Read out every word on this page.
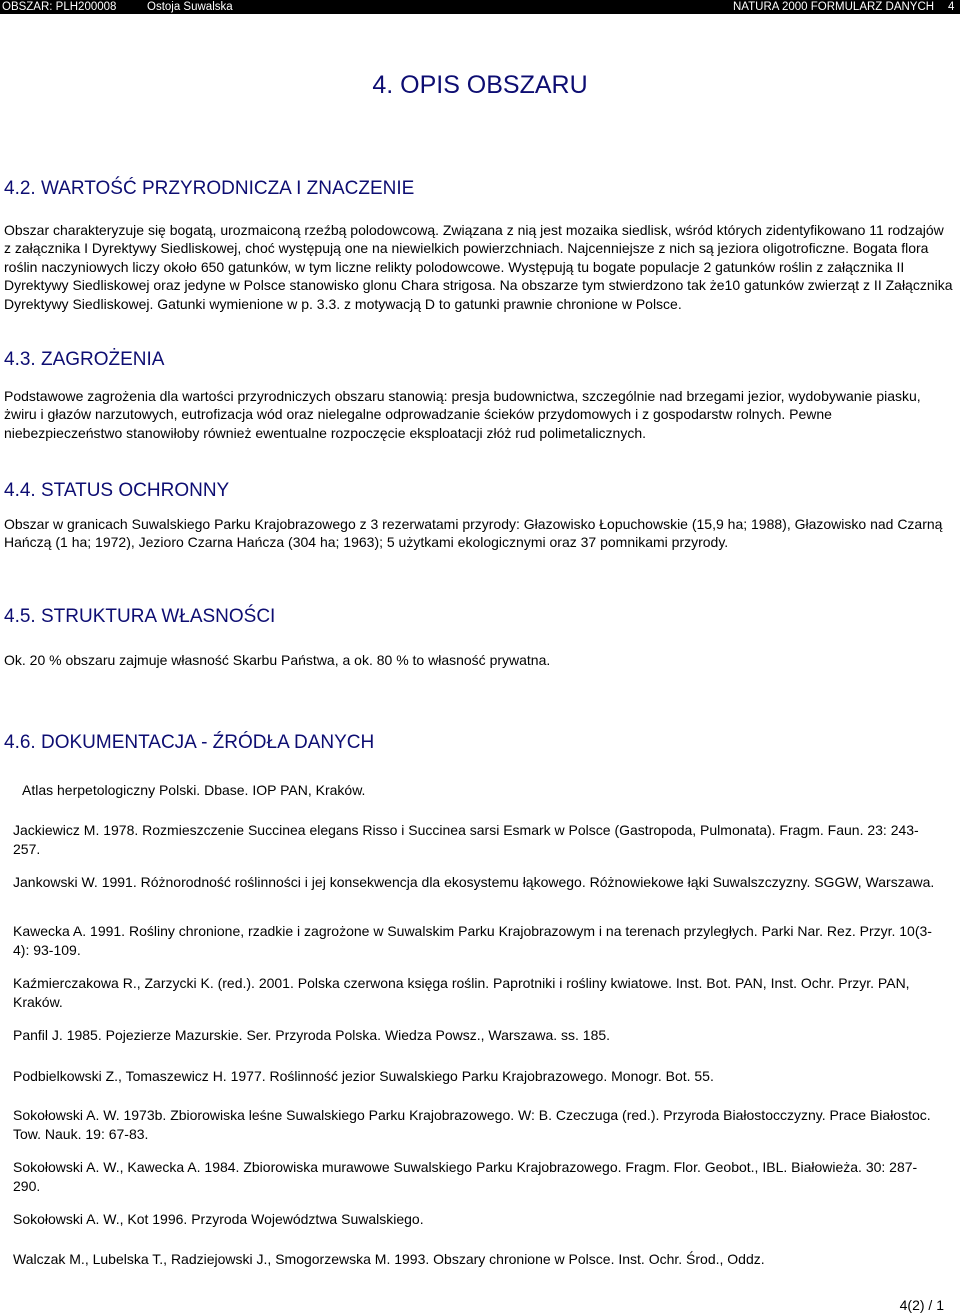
OBSZAR: PLH200008	Ostoja Suwalska	NATURA 2000 FORMULARZ DANYCH 4
4. OPIS OBSZARU
4.2. WARTOŚĆ PRZYRODNICZA I ZNACZENIE

Obszar charakteryzuje się bogatą, urozmaiconą rzeźbą polodowcową. Związana z nią jest mozaika siedlisk, wśród których zidentyfikowano 11 rodzajów z załącznika I Dyrektywy Siedliskowej, choć występują one na niewielkich powierzchniach. Najcenniejsze z nich są jeziora oligotroficzne. Bogata flora roślin naczyniowych liczy około 650 gatunków, w tym liczne relikty polodowcowe. Występują tu bogate populacje 2 gatunków roślin z załącznika II Dyrektywy Siedliskowej oraz jedyne w Polsce stanowisko glonu Chara strigosa. Na obszarze tym stwierdzono tak że10 gatunków zwierząt z II Załącznika Dyrektywy Siedliskowej. Gatunki wymienione w p. 3.3. z motywacją D to gatunki prawnie chronione w Polsce.

4.3. ZAGROŻENIA

Podstawowe zagrożenia dla wartości przyrodniczych obszaru stanowią: presja budownictwa, szczególnie nad brzegami jezior, wydobywanie piasku, żwiru i głazów narzutowych, eutrofizacja wód oraz nielegalne odprowadzanie ścieków przydomowych i z gospodarstw rolnych. Pewne niebezpieczeństwo stanowiłoby również ewentualne rozpoczęcie eksploatacji złóż rud polimetalicznych.

4.4. STATUS OCHRONNY

Obszar w granicach Suwalskiego Parku Krajobrazowego z 3 rezerwatami przyrody: Głazowisko Łopuchowskie (15,9 ha; 1988), Głazowisko nad Czarną Hańczą (1 ha; 1972), Jezioro Czarna Hańcza (304 ha; 1963); 5 użytkami ekologicznymi oraz 37 pomnikami przyrody.

4.5. STRUKTURA WŁASNOŚCI

Ok. 20 % obszaru zajmuje własność Skarbu Państwa, a ok. 80 % to własność prywatna.

4.6. DOKUMENTACJA - ŹRÓDŁA DANYCH

Atlas herpetologiczny Polski. Dbase. IOP PAN, Kraków.

Jackiewicz M. 1978. Rozmieszczenie Succinea elegans Risso i Succinea sarsi Esmark w Polsce (Gastropoda, Pulmonata). Fragm. Faun. 23: 243-257.

Jankowski W. 1991. Różnorodność roślinności i jej konsekwencja dla ekosystemu łąkowego. Różnowiekowe łąki Suwalszczyzny. SGGW, Warszawa.

Kawecka A. 1991. Rośliny chronione, rzadkie i zagrożone w Suwalskim Parku Krajobrazowym i na terenach przyległych. Parki Nar. Rez. Przyr. 10(3-4): 93-109.

Kaźmierczakowa R., Zarzycki K. (red.). 2001. Polska czerwona księga roślin. Paprotniki i rośliny kwiatowe. Inst. Bot. PAN, Inst. Ochr. Przyr. PAN, Kraków.

Panfil J. 1985. Pojezierze Mazurskie. Ser. Przyroda Polska. Wiedza Powsz., Warszawa. ss. 185.

Podbielkowski Z., Tomaszewicz H. 1977. Roślinność jezior Suwalskiego Parku Krajobrazowego. Monogr. Bot. 55.

Sokołowski A. W. 1973b. Zbiorowiska leśne Suwalskiego Parku Krajobrazowego. W: B. Czeczuga (red.). Przyroda Białostocczyzny. Prace Białostoc. Tow. Nauk. 19: 67-83.

Sokołowski A. W., Kawecka A. 1984. Zbiorowiska murawowe Suwalskiego Parku Krajobrazowego. Fragm. Flor. Geobot., IBL. Białowieża. 30: 287-290.

Sokołowski A. W., Kot 1996. Przyroda Województwa Suwalskiego.

Walczak M., Lubelska T., Radziejowski J., Smogorzewska M. 1993. Obszary chronione w Polsce. Inst. Ochr. Środ., Oddz.

4(2) / 1
